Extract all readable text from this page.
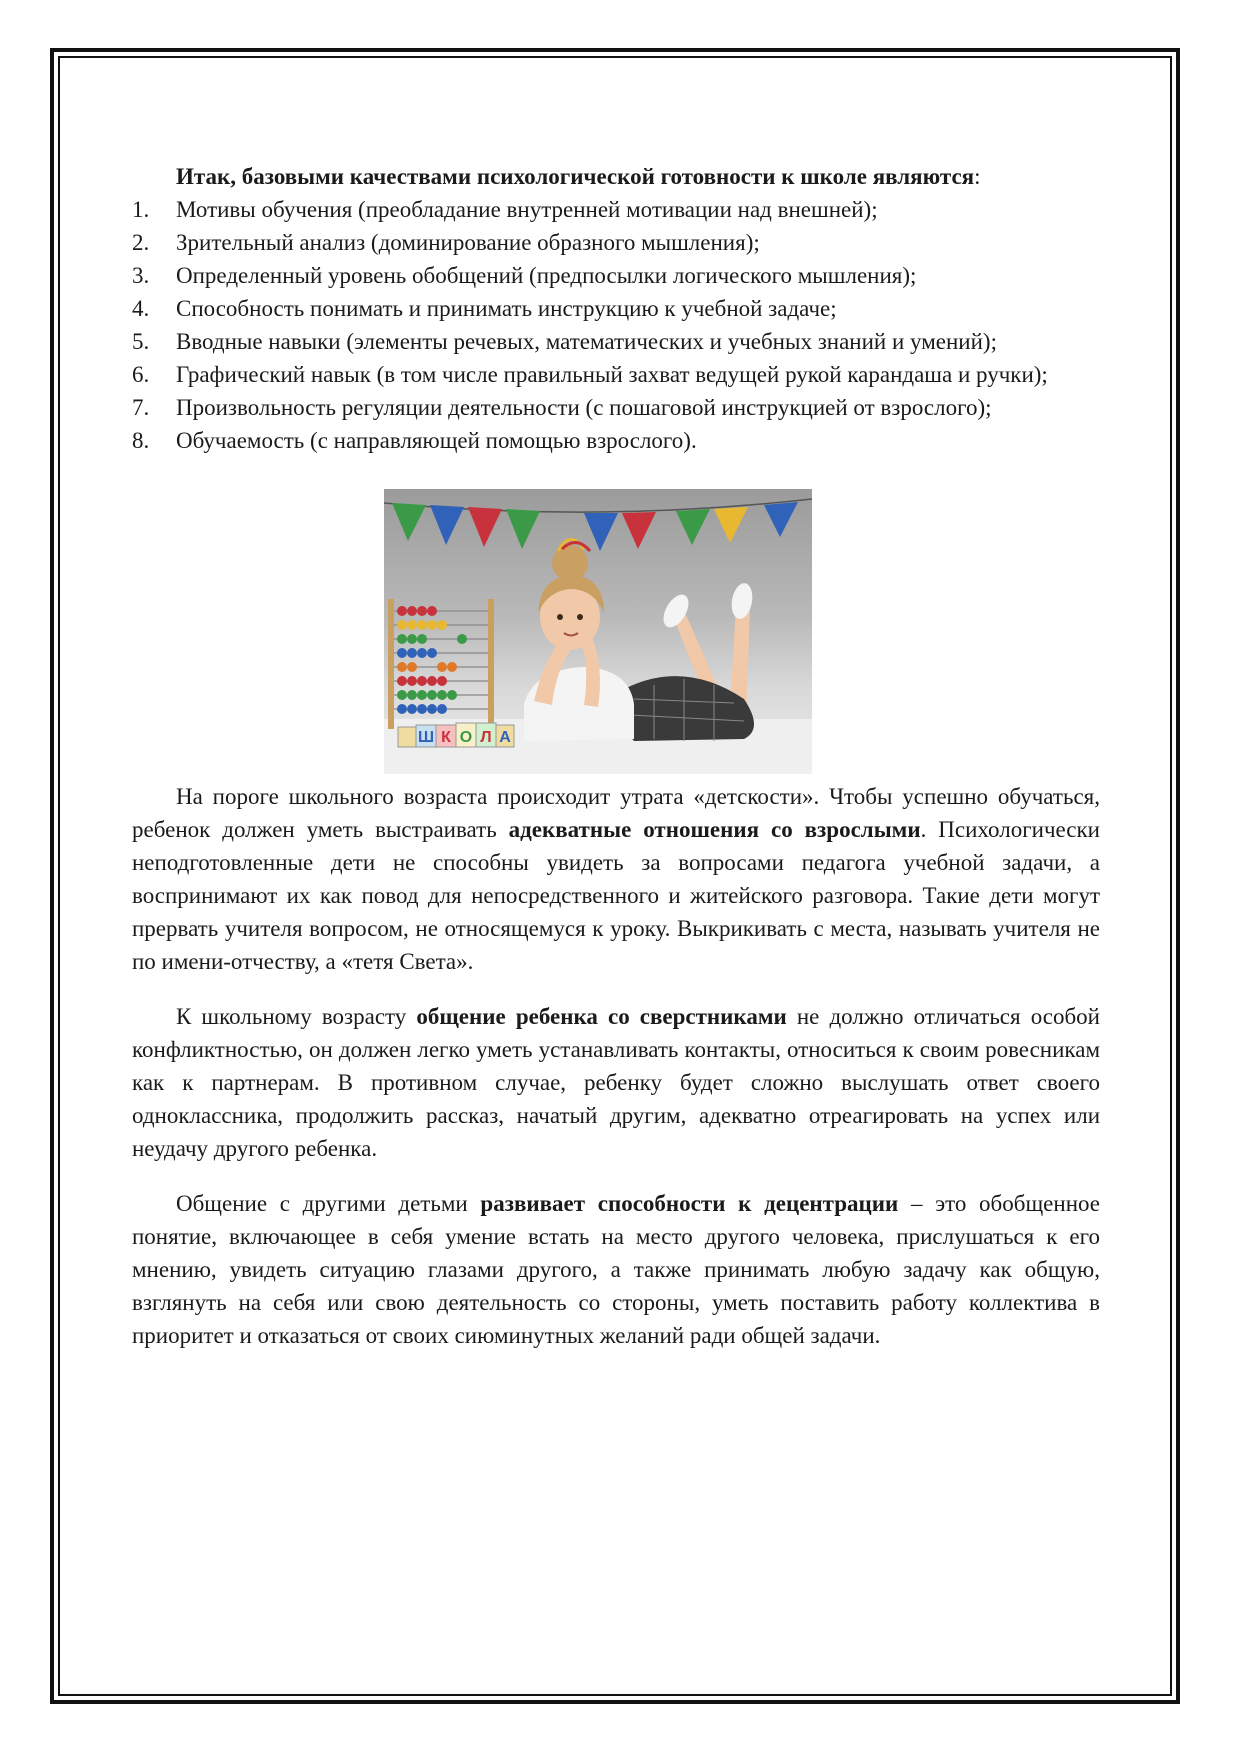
Итак, базовыми качествами психологической готовности к школе являются:

1.	Мотивы обучения (преобладание внутренней мотивации над внешней);
2.	Зрительный анализ (доминирование образного мышления);
3.	Определенный уровень обобщений (предпосылки логического мышления);
4.	Способность понимать и принимать инструкцию к учебной задаче;
5.	Вводные навыки (элементы речевых, математических и учебных знаний и умений);
6.	Графический навык (в том числе правильный захват ведущей рукой карандаша и ручки);
7.	Произвольность регуляции деятельности (с пошаговой инструкцией от взрослого);
8.	Обучаемость (с направляющей помощью взрослого).
Ш К О Л А

На пороге школьного возраста происходит утрата «детскости». Чтобы успешно обучаться, ребенок должен уметь выстраивать адекватные отношения со взрослыми. Психологически неподготовленные дети не способны увидеть за вопросами педагога учебной задачи, а воспринимают их как повод для непосредственного и житейского разговора. Такие дети могут прервать учителя вопросом, не относящемуся к уроку. Выкрикивать с места, называть учителя не по имени-отчеству, а «тетя Света».

К школьному возрасту общение ребенка со сверстниками не должно отличаться особой конфликтностью, он должен легко уметь устанавливать контакты, относиться к своим ровесникам как к партнерам. В противном случае, ребенку будет сложно выслушать ответ своего одноклассника, продолжить рассказ, начатый другим, адекватно отреагировать на успех или неудачу другого ребенка.

Общение с другими детьми развивает способности к децентрации – это обобщенное понятие, включающее в себя умение встать на место другого человека, прислушаться к его мнению, увидеть ситуацию глазами другого, а также принимать любую задачу как общую, взглянуть на себя или свою деятельность со стороны, уметь поставить работу коллектива в приоритет и отказаться от своих сиюминутных желаний ради общей задачи.
